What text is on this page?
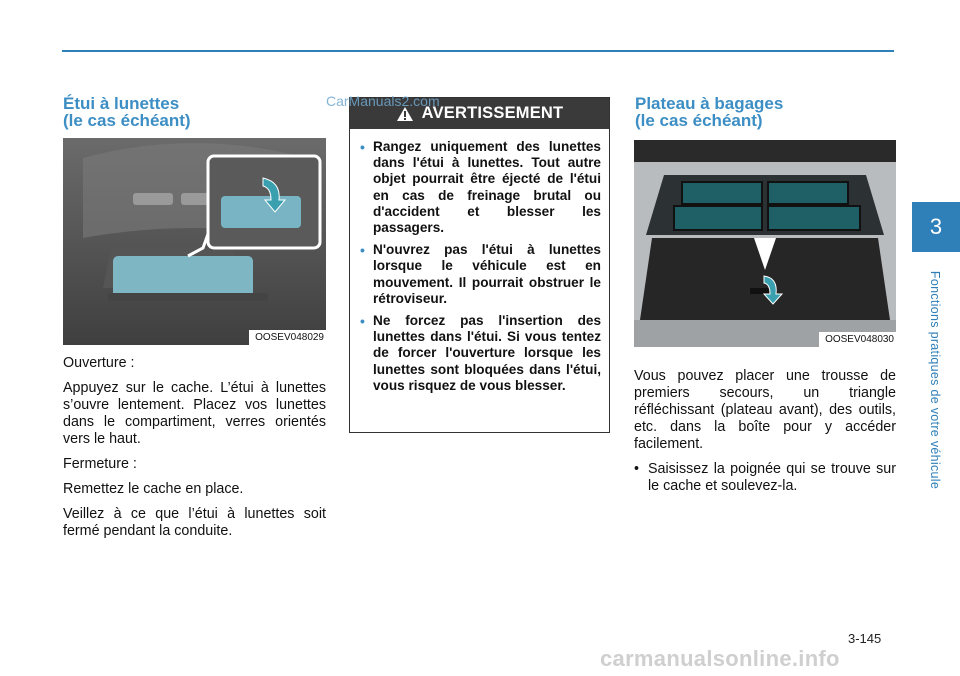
Étui à lunettes
(le cas échéant)
OOSEV048029

Ouverture :

Appuyez sur le cache. L’étui à lunettes s’ouvre lentement. Placez vos lunettes dans le compartiment, verres orientés vers le haut.

Fermeture :

Remettez le cache en place.

Veillez à ce que l’étui à lunettes soit fermé pendant la conduite.

AVERTISSEMENT
• Rangez uniquement des lunettes dans l'étui à lunettes. Tout autre objet pourrait être éjecté de l'étui en cas de freinage brutal ou d'accident et blesser les passagers.
• N'ouvrez pas l'étui à lunettes lorsque le véhicule est en mouvement. Il pourrait obstruer le rétroviseur.
• Ne forcez pas l'insertion des lunettes dans l'étui. Si vous tentez de forcer l'ouverture lorsque les lunettes sont bloquées dans l'étui, vous risquez de vous blesser.
Plateau à bagages
(le cas échéant)
OOSEV048030

Vous pouvez placer une trousse de premiers secours, un triangle réfléchissant (plateau avant), des outils, etc. dans la boîte pour y accéder facilement.

• Saisissez la poignée qui se trouve sur le cache et soulevez-la.
3
Fonctions pratiques de votre véhicule
3-145
CarManuals2.com
carmanualsonline.info
